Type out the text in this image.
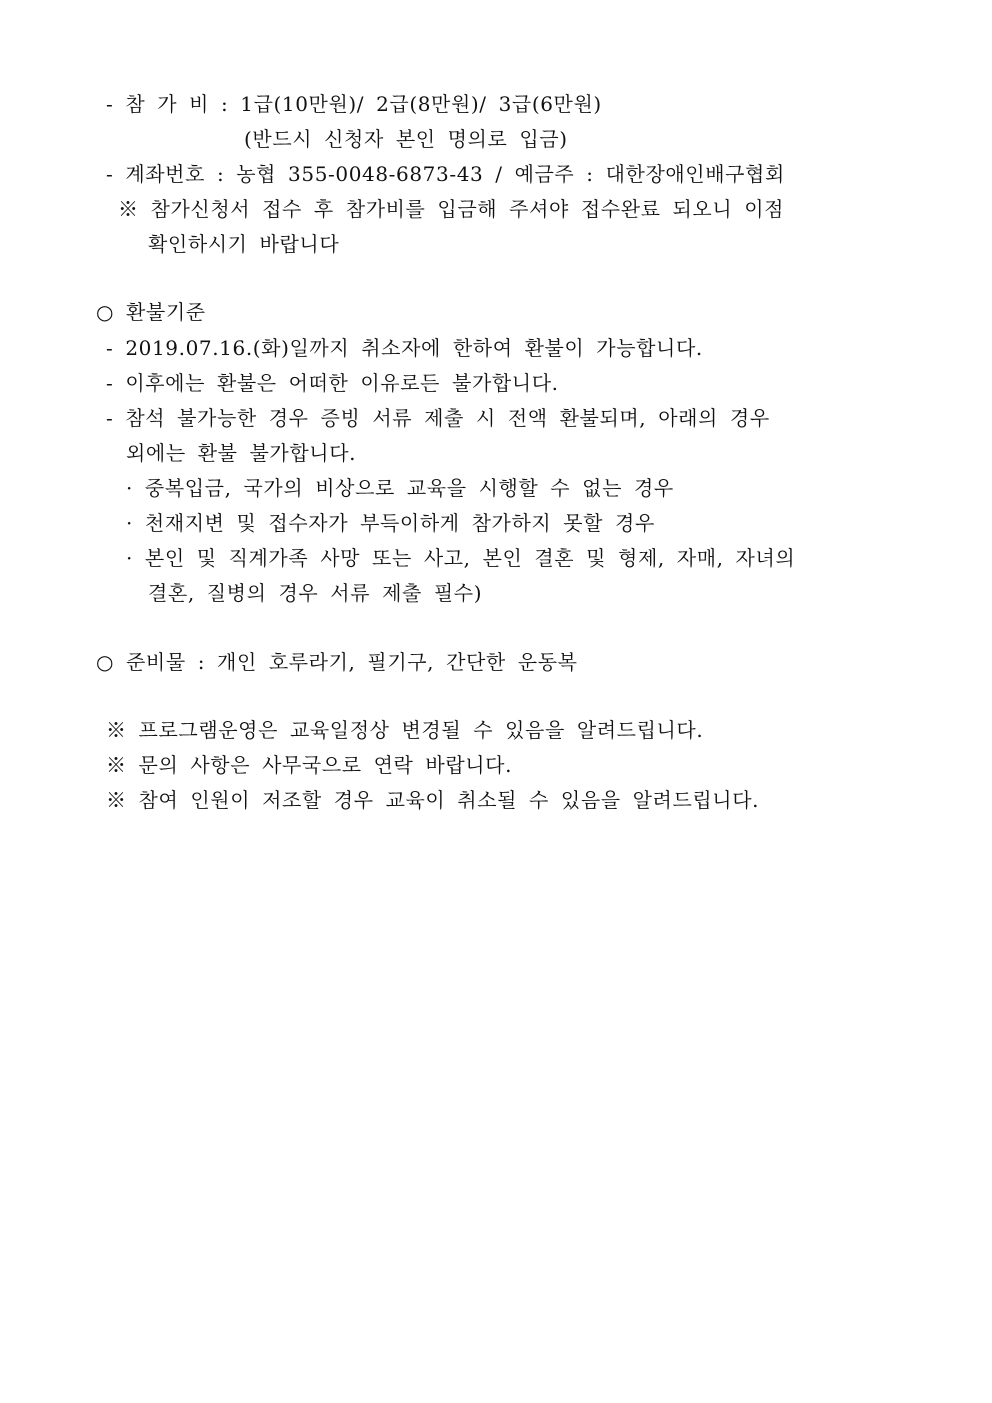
- 참 가 비 : 1급(10만원)/ 2급(8만원)/ 3급(6만원)
(반드시 신청자 본인 명의로 입금)
- 계좌번호 : 농협 355-0048-6873-43 / 예금주 : 대한장애인배구협회
※ 참가신청서 접수 후 참가비를 입금해 주셔야 접수완료 되오니 이점
확인하시기 바랍니다
○ 환불기준
- 2019.07.16.(화)일까지 취소자에 한하여 환불이 가능합니다.
- 이후에는 환불은 어떠한 이유로든 불가합니다.
- 참석 불가능한 경우 증빙 서류 제출 시 전액 환불되며, 아래의 경우
외에는 환불 불가합니다.
· 중복입금, 국가의 비상으로 교육을 시행할 수 없는 경우
· 천재지변 및 접수자가 부득이하게 참가하지 못할 경우
· 본인 및 직계가족 사망 또는 사고, 본인 결혼 및 형제, 자매, 자녀의
결혼, 질병의 경우 서류 제출 필수)
○ 준비물 : 개인 호루라기, 필기구, 간단한 운동복
※ 프로그램운영은 교육일정상 변경될 수 있음을 알려드립니다.
※ 문의 사항은 사무국으로 연락 바랍니다.
※ 참여 인원이 저조할 경우 교육이 취소될 수 있음을 알려드립니다.
